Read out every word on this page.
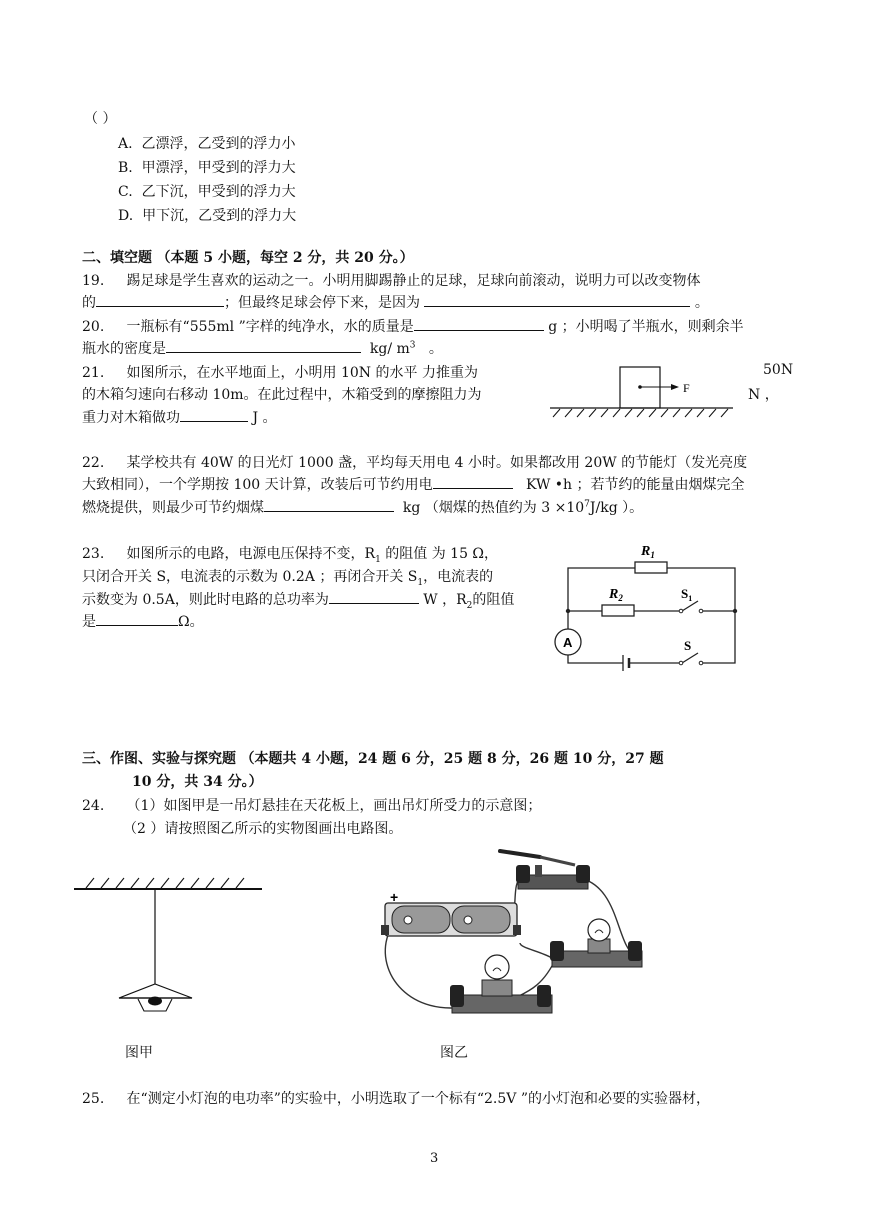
（ ）
A. 乙漂浮，乙受到的浮力小
B. 甲漂浮，甲受到的浮力大
C. 乙下沉，甲受到的浮力大
D. 甲下沉，乙受到的浮力大
二、填空题 （本题 5 小题，每空 2 分，共 20 分。）
19. 踢足球是学生喜欢的运动之一。小明用脚踢静止的足球，足球向前滚动，说明力可以改变物体
的	；但最终足球会停下来，是因为	。
20. 一瓶标有“555ml ”字样的纯净水，水的质量是	g ；小明喝了半瓶水，则剩余半
瓶水的密度是	kg/ $m^3$ 。
21. 如图所示，在水平地面上，小明用 10N 的水平 力推重为	50N
的木箱匀速向右移动 10m。在此过程中，木箱受到的摩擦阻力为	N ，
重力对木箱做功	J 。
F
22. 某学校共有 40W 的日光灯 1000 盏，平均每天用电 4 小时。如果都改用 20W 的节能灯（发光亮度
大致相同），一个学期按 100 天计算，改装后可节约用电	KW •h ；若节约的能量由烟煤完全
燃烧提供，则最少可节约烟煤	kg （烟煤的热值约为 $3 \times 10^7J/kg$ ）。
23. 如图所示的电路，电源电压保持不变，$R_1$ 的阻值 为 15 Ω，
只闭合开关 S，电流表的示数为 0.2A ；再闭合开关 $S_1$，电流表的
示数变为 0.5A，则此时电路的总功率为	W ，$R_2$的阻值
是	Ω。
$R_1$
$R_2$	$S_1$
S
A
三、作图、实验与探究题 （本题共 4 小题，24 题 6 分，25 题 8 分，26 题 10 分，27 题
10 分，共 34 分。）
24. （1）如图甲是一吊灯悬挂在天花板上，画出吊灯所受力的示意图；
（2 ）请按照图乙所示的实物图画出电路图。
图甲
+
图乙
25. 在“测定小灯泡的电功率”的实验中，小明选取了一个标有“2.5V ”的小灯泡和必要的实验器材，
3
